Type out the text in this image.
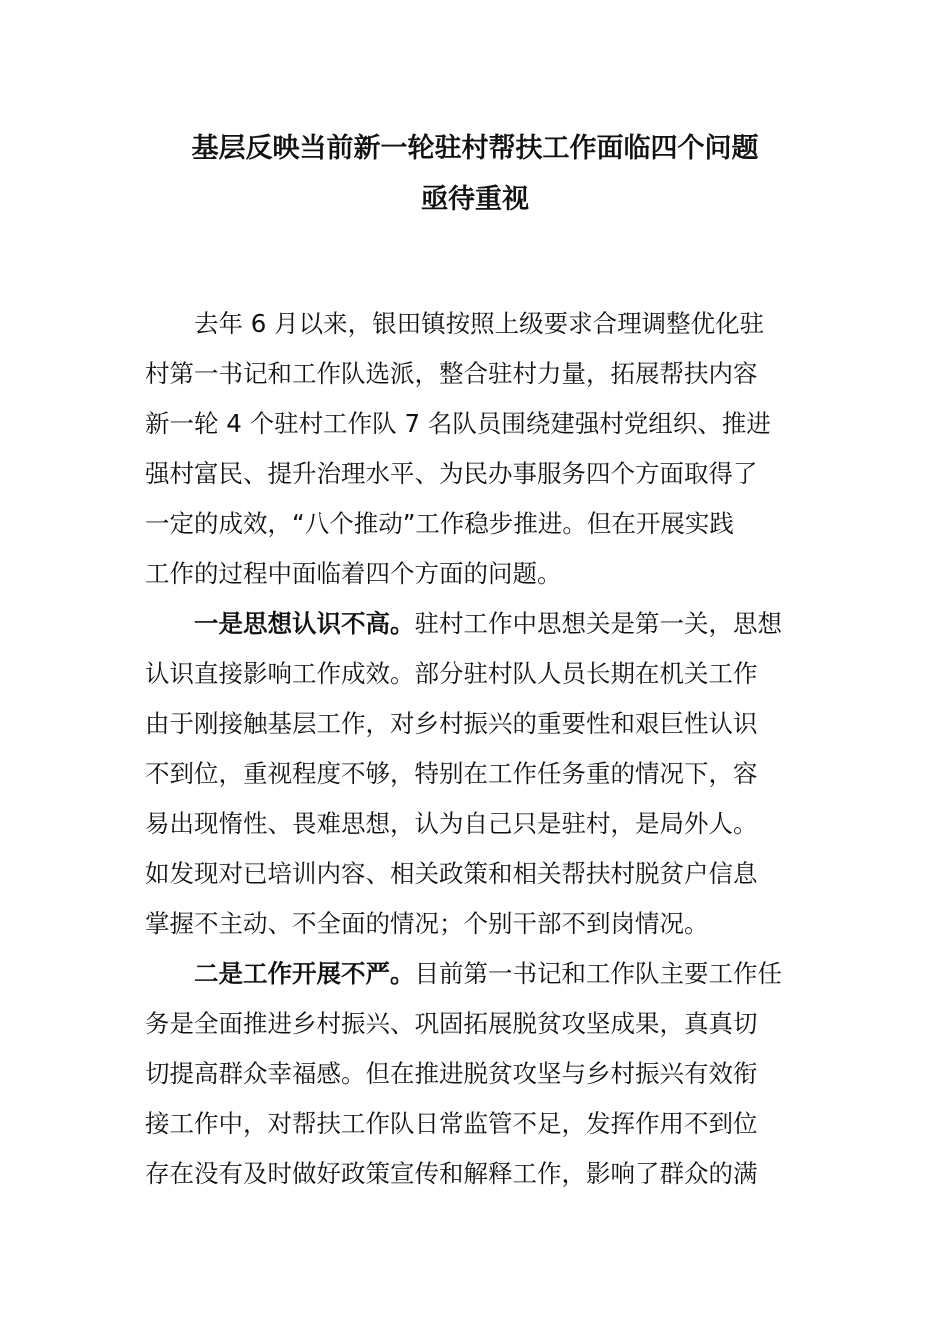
基层反映当前新一轮驻村帮扶工作面临四个问题
亟待重视
去年 6 月以来，银田镇按照上级要求合理调整优化驻
村第一书记和工作队选派，整合驻村力量，拓展帮扶内容
新一轮 4 个驻村工作队 7 名队员围绕建强村党组织、推进
强村富民、提升治理水平、为民办事服务四个方面取得了
一定的成效，“八个推动”工作稳步推进。但在开展实践
工作的过程中面临着四个方面的问题。
一是思想认识不高。驻村工作中思想关是第一关，思想
认识直接影响工作成效。部分驻村队人员长期在机关工作
由于刚接触基层工作，对乡村振兴的重要性和艰巨性认识
不到位，重视程度不够，特别在工作任务重的情况下，容
易出现惰性、畏难思想，认为自己只是驻村，是局外人。
如发现对已培训内容、相关政策和相关帮扶村脱贫户信息
掌握不主动、不全面的情况；个别干部不到岗情况。
二是工作开展不严。目前第一书记和工作队主要工作任
务是全面推进乡村振兴、巩固拓展脱贫攻坚成果，真真切
切提高群众幸福感。但在推进脱贫攻坚与乡村振兴有效衔
接工作中，对帮扶工作队日常监管不足，发挥作用不到位
存在没有及时做好政策宣传和解释工作，影响了群众的满
